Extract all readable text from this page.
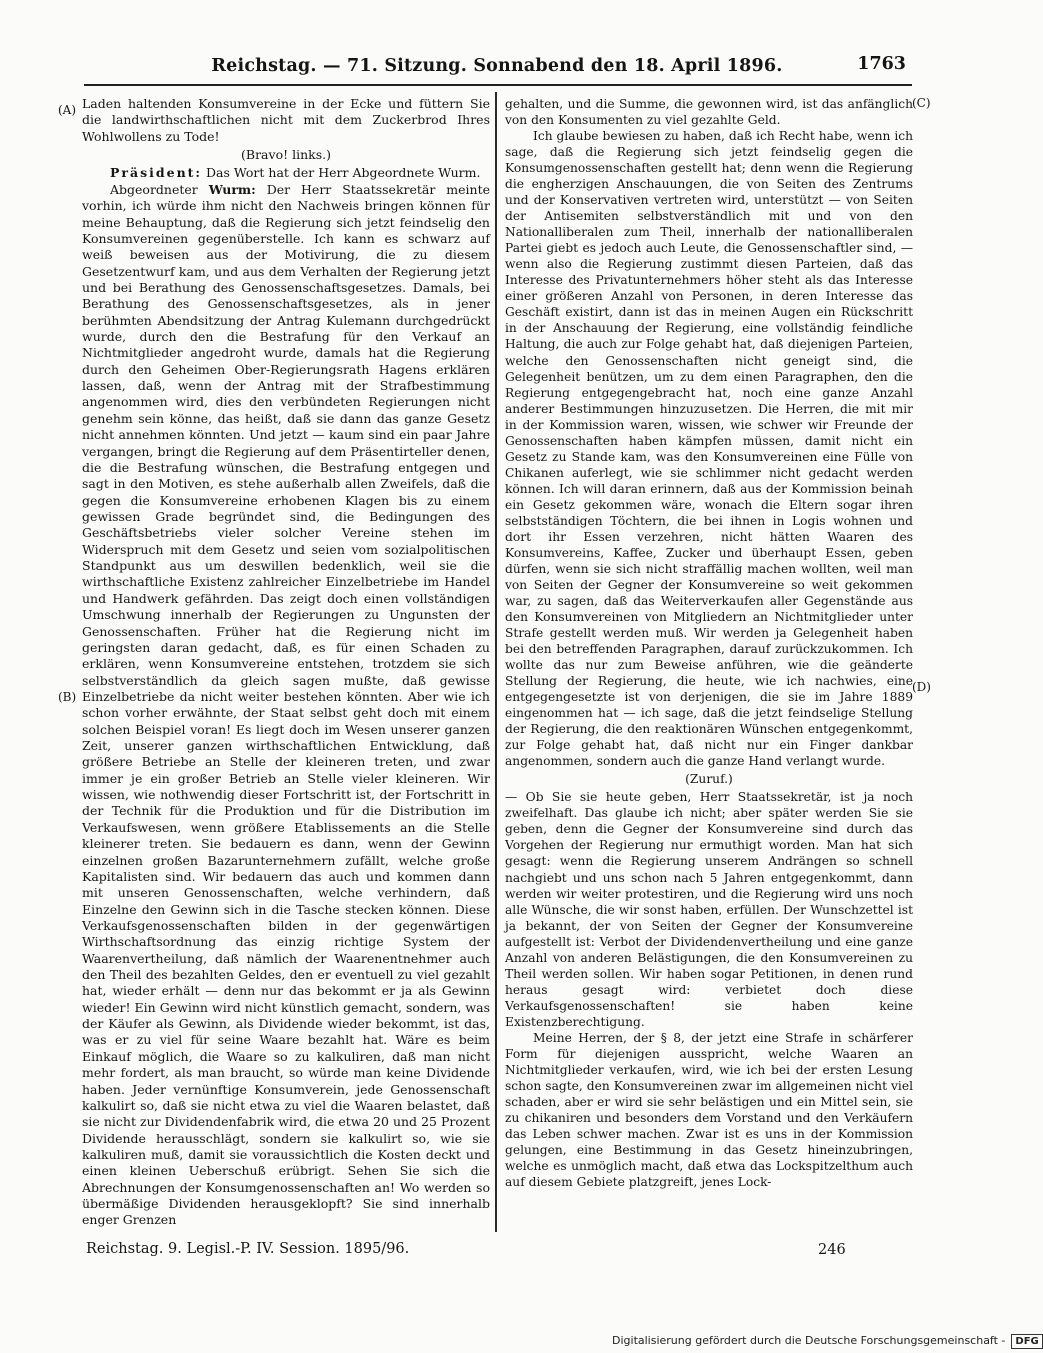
Reichstag. — 71. Sitzung. Sonnabend den 18. April 1896.	1763
(A)
(B)
(C)
(D)

Laden haltenden Konsumvereine in der Ecke und füttern Sie die landwirthschaftlichen nicht mit dem Zuckerbrod Ihres Wohlwollens zu Tode!

(Bravo! links.)

Präsident: Das Wort hat der Herr Abgeordnete Wurm.

Abgeordneter Wurm: Der Herr Staatssekretär meinte vorhin, ich würde ihm nicht den Nachweis bringen können für meine Behauptung, daß die Regierung sich jetzt feindselig den Konsumvereinen gegenüberstelle. Ich kann es schwarz auf weiß beweisen aus der Motivirung, die zu diesem Gesetzentwurf kam, und aus dem Verhalten der Regierung jetzt und bei Berathung des Genossenschaftsgesetzes. Damals, bei Berathung des Genossenschaftsgesetzes, als in jener berühmten Abendsitzung der Antrag Kulemann durchgedrückt wurde, durch den die Bestrafung für den Verkauf an Nichtmitglieder angedroht wurde, damals hat die Regierung durch den Geheimen Ober-Regierungsrath Hagens erklären lassen, daß, wenn der Antrag mit der Strafbestimmung angenommen wird, dies den verbündeten Regierungen nicht genehm sein könne, das heißt, daß sie dann das ganze Gesetz nicht annehmen könnten. Und jetzt — kaum sind ein paar Jahre vergangen, bringt die Regierung auf dem Präsentirteller denen, die die Bestrafung wünschen, die Bestrafung entgegen und sagt in den Motiven, es stehe außerhalb allen Zweifels, daß die gegen die Konsumvereine erhobenen Klagen bis zu einem gewissen Grade begründet sind, die Bedingungen des Geschäftsbetriebs vieler solcher Vereine stehen im Widerspruch mit dem Gesetz und seien vom sozialpolitischen Standpunkt aus um deswillen bedenklich, weil sie die wirthschaftliche Existenz zahlreicher Einzelbetriebe im Handel und Handwerk gefährden. Das zeigt doch einen vollständigen Umschwung innerhalb der Regierungen zu Ungunsten der Genossenschaften. Früher hat die Regierung nicht im geringsten daran gedacht, daß, es für einen Schaden zu erklären, wenn Konsumvereine entstehen, trotzdem sie sich selbstverständlich da gleich sagen mußte, daß gewisse Einzelbetriebe da nicht weiter bestehen könnten. Aber wie ich schon vorher erwähnte, der Staat selbst geht doch mit einem solchen Beispiel voran! Es liegt doch im Wesen unserer ganzen Zeit, unserer ganzen wirthschaftlichen Entwicklung, daß größere Betriebe an Stelle der kleineren treten, und zwar immer je ein großer Betrieb an Stelle vieler kleineren. Wir wissen, wie nothwendig dieser Fortschritt ist, der Fortschritt in der Technik für die Produktion und für die Distribution im Verkaufswesen, wenn größere Etablissements an die Stelle kleinerer treten. Sie bedauern es dann, wenn der Gewinn einzelnen großen Bazarunternehmern zufällt, welche große Kapitalisten sind. Wir bedauern das auch und kommen dann mit unseren Genossenschaften, welche verhindern, daß Einzelne den Gewinn sich in die Tasche stecken können. Diese Verkaufsgenossenschaften bilden in der gegenwärtigen Wirthschaftsordnung das einzig richtige System der Waarenvertheilung, daß nämlich der Waarenentnehmer auch den Theil des bezahlten Geldes, den er eventuell zu viel gezahlt hat, wieder erhält — denn nur das bekommt er ja als Gewinn wieder! Ein Gewinn wird nicht künstlich gemacht, sondern, was der Käufer als Gewinn, als Dividende wieder bekommt, ist das, was er zu viel für seine Waare bezahlt hat. Wäre es beim Einkauf möglich, die Waare so zu kalkuliren, daß man nicht mehr fordert, als man braucht, so würde man keine Dividende haben. Jeder vernünftige Konsumverein, jede Genossenschaft kalkulirt so, daß sie nicht etwa zu viel die Waaren belastet, daß sie nicht zur Dividendenfabrik wird, die etwa 20 und 25 Prozent Dividende herausschlägt, sondern sie kalkulirt so, wie sie kalkuliren muß, damit sie voraussichtlich die Kosten deckt und einen kleinen Ueberschuß erübrigt. Sehen Sie sich die Abrechnungen der Konsumgenossenschaften an! Wo werden so übermäßige Dividenden herausgeklopft? Sie sind innerhalb enger Grenzen

gehalten, und die Summe, die gewonnen wird, ist das anfänglich von den Konsumenten zu viel gezahlte Geld.

Ich glaube bewiesen zu haben, daß ich Recht habe, wenn ich sage, daß die Regierung sich jetzt feindselig gegen die Konsumgenossenschaften gestellt hat; denn wenn die Regierung die engherzigen Anschauungen, die von Seiten des Zentrums und der Konservativen vertreten wird, unterstützt — von Seiten der Antisemiten selbstverständlich mit und von den Nationalliberalen zum Theil, innerhalb der nationalliberalen Partei giebt es jedoch auch Leute, die Genossenschaftler sind, — wenn also die Regierung zustimmt diesen Parteien, daß das Interesse des Privatunternehmers höher steht als das Interesse einer größeren Anzahl von Personen, in deren Interesse das Geschäft existirt, dann ist das in meinen Augen ein Rückschritt in der Anschauung der Regierung, eine vollständig feindliche Haltung, die auch zur Folge gehabt hat, daß diejenigen Parteien, welche den Genossenschaften nicht geneigt sind, die Gelegenheit benützen, um zu dem einen Paragraphen, den die Regierung entgegengebracht hat, noch eine ganze Anzahl anderer Bestimmungen hinzuzusetzen. Die Herren, die mit mir in der Kommission waren, wissen, wie schwer wir Freunde der Genossenschaften haben kämpfen müssen, damit nicht ein Gesetz zu Stande kam, was den Konsumvereinen eine Fülle von Chikanen auferlegt, wie sie schlimmer nicht gedacht werden können. Ich will daran erinnern, daß aus der Kommission beinah ein Gesetz gekommen wäre, wonach die Eltern sogar ihren selbstständigen Töchtern, die bei ihnen in Logis wohnen und dort ihr Essen verzehren, nicht hätten Waaren des Konsumvereins, Kaffee, Zucker und überhaupt Essen, geben dürfen, wenn sie sich nicht straffällig machen wollten, weil man von Seiten der Gegner der Konsumvereine so weit gekommen war, zu sagen, daß das Weiterverkaufen aller Gegenstände aus den Konsumvereinen von Mitgliedern an Nichtmitglieder unter Strafe gestellt werden muß. Wir werden ja Gelegenheit haben bei den betreffenden Paragraphen, darauf zurückzukommen. Ich wollte das nur zum Beweise anführen, wie die geänderte Stellung der Regierung, die heute, wie ich nachwies, eine entgegengesetzte ist von derjenigen, die sie im Jahre 1889 eingenommen hat — ich sage, daß die jetzt feindselige Stellung der Regierung, die den reaktionären Wünschen entgegenkommt, zur Folge gehabt hat, daß nicht nur ein Finger dankbar angenommen, sondern auch die ganze Hand verlangt wurde.

(Zuruf.)

— Ob Sie sie heute geben, Herr Staatssekretär, ist ja noch zweifelhaft. Das glaube ich nicht; aber später werden Sie sie geben, denn die Gegner der Konsumvereine sind durch das Vorgehen der Regierung nur ermuthigt worden. Man hat sich gesagt: wenn die Regierung unserem Andrängen so schnell nachgiebt und uns schon nach 5 Jahren entgegenkommt, dann werden wir weiter protestiren, und die Regierung wird uns noch alle Wünsche, die wir sonst haben, erfüllen. Der Wunschzettel ist ja bekannt, der von Seiten der Gegner der Konsumvereine aufgestellt ist: Verbot der Dividendenvertheilung und eine ganze Anzahl von anderen Belästigungen, die den Konsumvereinen zu Theil werden sollen. Wir haben sogar Petitionen, in denen rund heraus gesagt wird: verbietet doch diese Verkaufsgenossenschaften! sie haben keine Existenzberechtigung.

Meine Herren, der § 8, der jetzt eine Strafe in schärferer Form für diejenigen ausspricht, welche Waaren an Nichtmitglieder verkaufen, wird, wie ich bei der ersten Lesung schon sagte, den Konsumvereinen zwar im allgemeinen nicht viel schaden, aber er wird sie sehr belästigen und ein Mittel sein, sie zu chikaniren und besonders dem Vorstand und den Verkäufern das Leben schwer machen. Zwar ist es uns in der Kommission gelungen, eine Bestimmung in das Gesetz hineinzubringen, welche es unmöglich macht, daß etwa das Lockspitzelthum auch auf diesem Gebiete platzgreift, jenes Lock-

Reichstag. 9. Legisl.-P. IV. Session. 1895/96.	246
Digitalisierung gefördert durch die Deutsche Forschungsgemeinschaft - DFG
